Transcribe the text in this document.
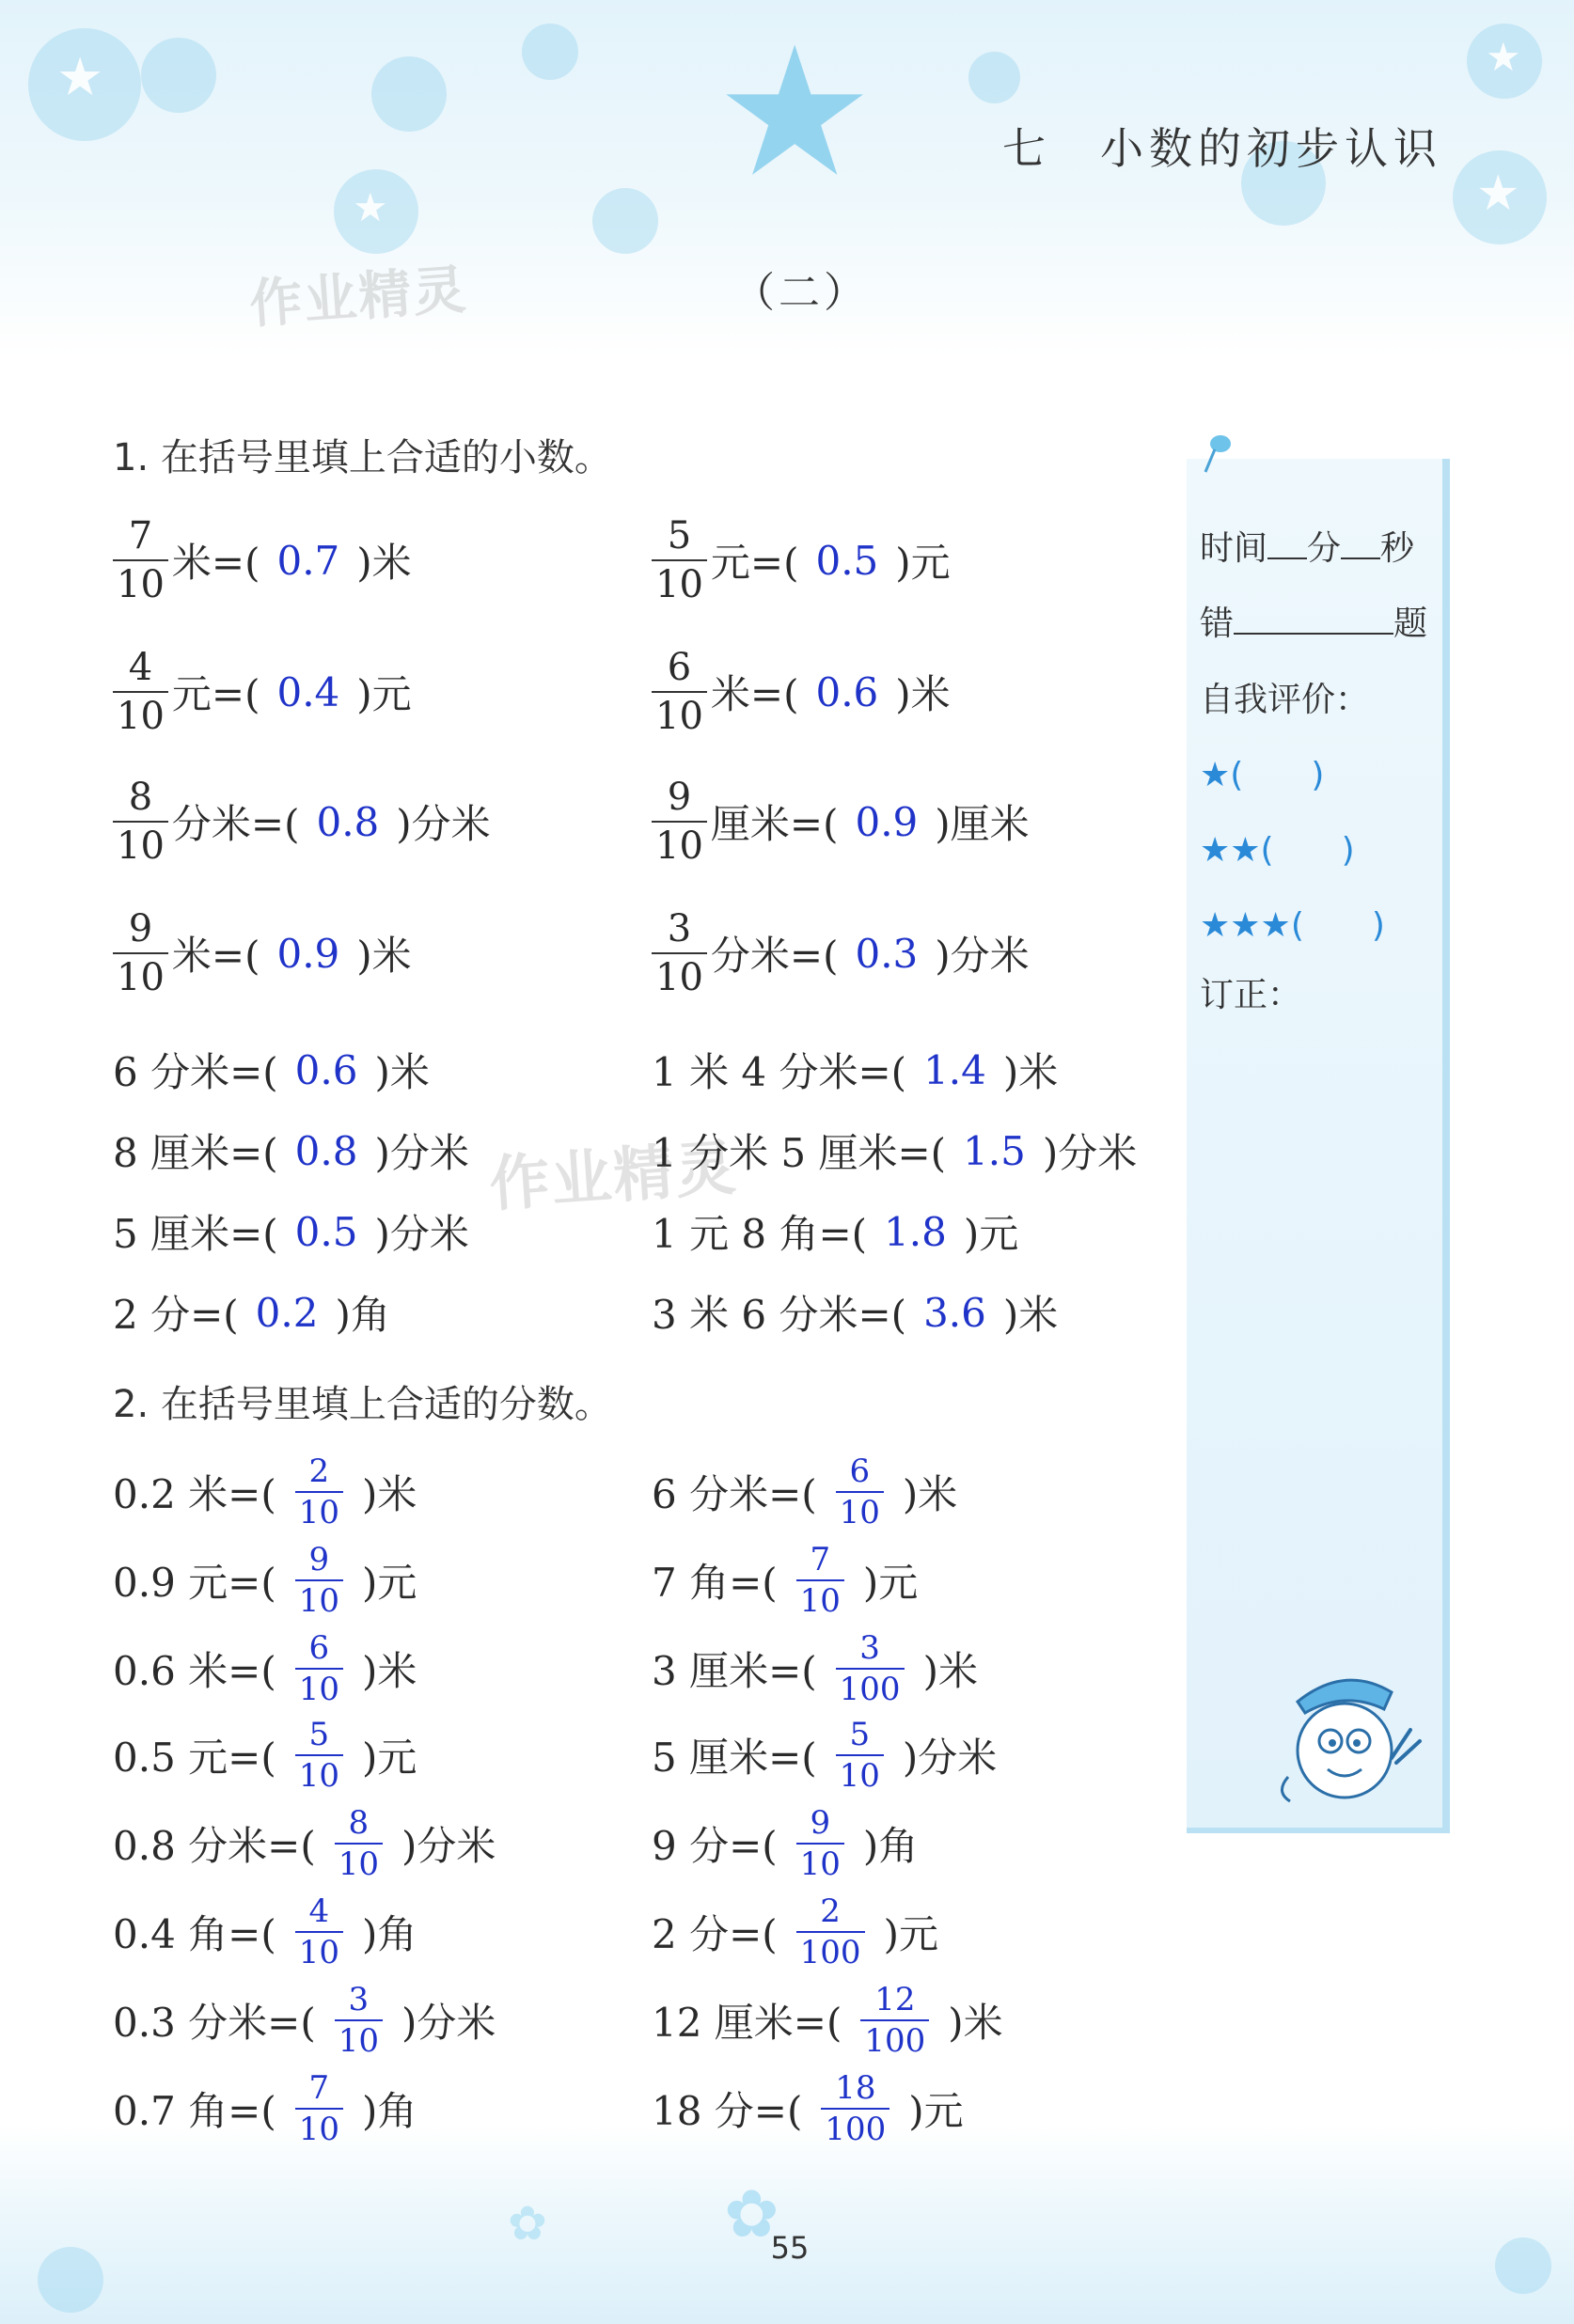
★
★
★	★
★
✿
✿
七　小数的初步认识
（二）
作业精灵
作业精灵
1. 在括号里填上合适的小数。
$\frac{7}{10}$ 米=( 0.7 )米
$\frac{4}{10}$ 元=( 0.4 )元
$\frac{8}{10}$ 分米=( 0.8 )分米
$\frac{9}{10}$ 米=( 0.9 )米
$\frac{5}{10}$ 元=( 0.5 )元
$\frac{6}{10}$ 米=( 0.6 )米
$\frac{9}{10}$ 厘米=( 0.9 )厘米
$\frac{3}{10}$ 分米=( 0.3 )分米
6 分米=( 0.6 )米
8 厘米=( 0.8 )分米
5 厘米=( 0.5 )分米
2 分=( 0.2 )角
1 米 4 分米=( 1.4 )米
1 分米 5 厘米=( 1.5 )分米
1 元 8 角=( 1.8 )元
3 米 6 分米=( 3.6 )米
2. 在括号里填上合适的分数。
0.2 米=( 2
10 )米
0.9 元=( 9
10 )元
0.6 米=( 6
10 )米
0.5 元=( 5
10 )元
0.8 分米=( 8
10 )分米
0.4 角=( 4
10 )角
0.3 分米=( 3
10 )分米
0.7 角=( 7
10 )角
6 分米=( 6
10 )米
7 角=( 7
10 )元
3 厘米=( 3
100 )米
5 厘米=( 5
10 )分米
9 分=( 9
10 )角
2 分=( 2
100 )元
12 厘米=( 12
100 )米
18 分=( 18
100 )元
时间 分 秒
错	题
自我评价：
★(　　)
★★(　　)
★★★(　　)
订正：
55
